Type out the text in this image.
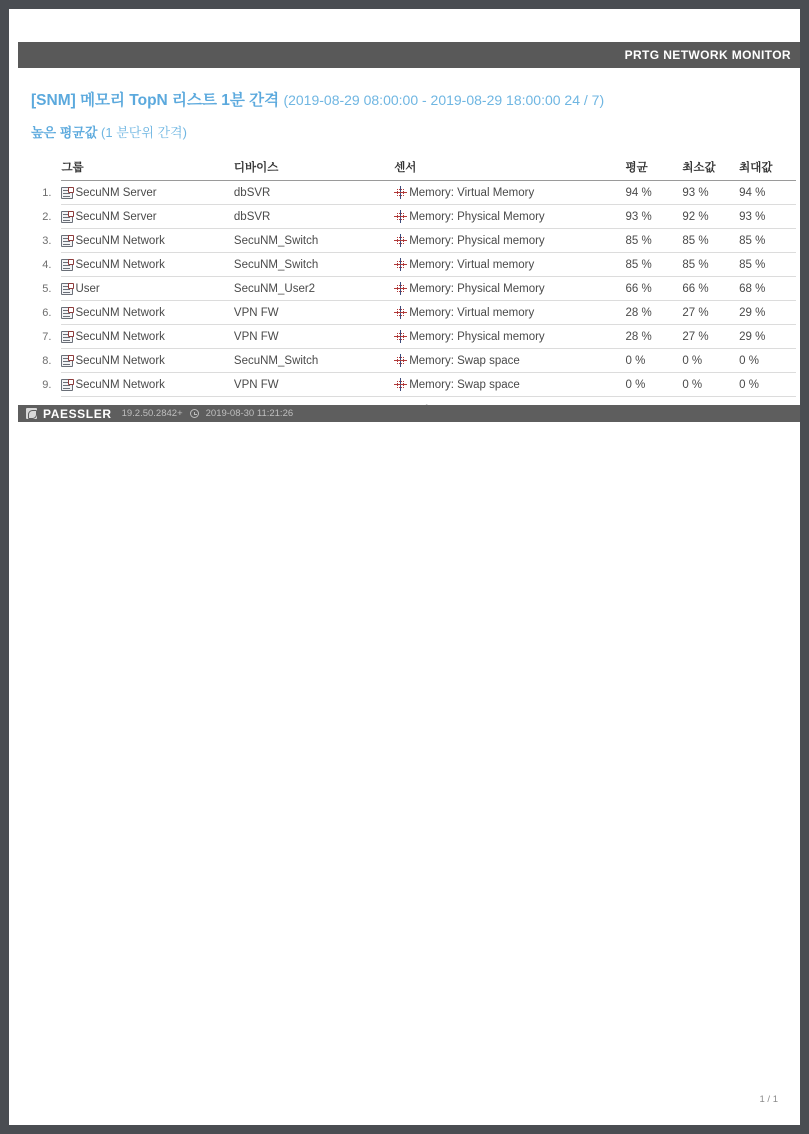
PRTG NETWORK MONITOR
[SNM] 메모리 TopN 리스트 1분 간격 (2019-08-29 08:00:00 - 2019-08-29 18:00:00 24 / 7)
높은 평균값 (1 분단위 간격)
	그룹	디바이스	센서	평균	최소값	최대값
1.	SecuNM Server	dbSVR	Memory: Virtual Memory	94 %	93 %	94 %
2.	SecuNM Server	dbSVR	Memory: Physical Memory	93 %	92 %	93 %
3.	SecuNM Network	SecuNM_Switch	Memory: Physical memory	85 %	85 %	85 %
4.	SecuNM Network	SecuNM_Switch	Memory: Virtual memory	85 %	85 %	85 %
5.	User	SecuNM_User2	Memory: Physical Memory	66 %	66 %	68 %
6.	SecuNM Network	VPN FW	Memory: Virtual memory	28 %	27 %	29 %
7.	SecuNM Network	VPN FW	Memory: Physical memory	28 %	27 %	29 %
8.	SecuNM Network	SecuNM_Switch	Memory: Swap space	0 %	0 %	0 %
9.	SecuNM Network	VPN FW	Memory: Swap space	0 %	0 %	0 %
PAESSLER 19.2.50.2842+ 2019-08-30 11:21:26
1 / 1
